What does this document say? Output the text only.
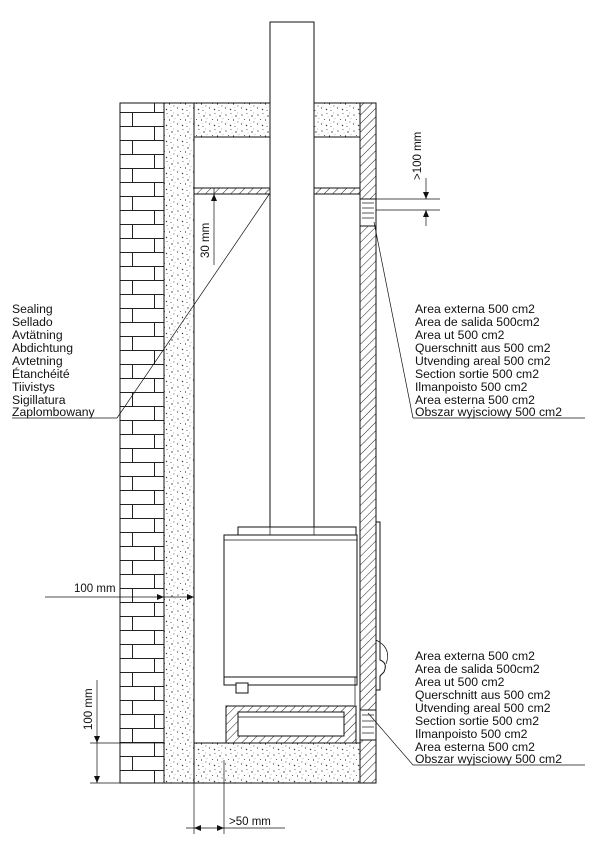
>100 mm
30 mm
100 mm
100 mm
>50 mm
Sealing
Sellado
Avtätning
Abdichtung
Avtetning
Étanchéité
Tiivistys
Sigillatura
Zaplombowany
Area externa 500 cm2
Area de salida 500cm2
Area ut 500 cm2
Querschnitt aus 500 cm2
Utvending areal 500 cm2
Section sortie 500 cm2
Ilmanpoisto 500 cm2
Area esterna 500 cm2
Obszar wyjsciowy 500 cm2
Area externa 500 cm2
Area de salida 500cm2
Area ut 500 cm2
Querschnitt aus 500 cm2
Utvending areal 500 cm2
Section sortie 500 cm2
Ilmanpoisto 500 cm2
Area esterna 500 cm2
Obszar wyjsciowy 500 cm2
